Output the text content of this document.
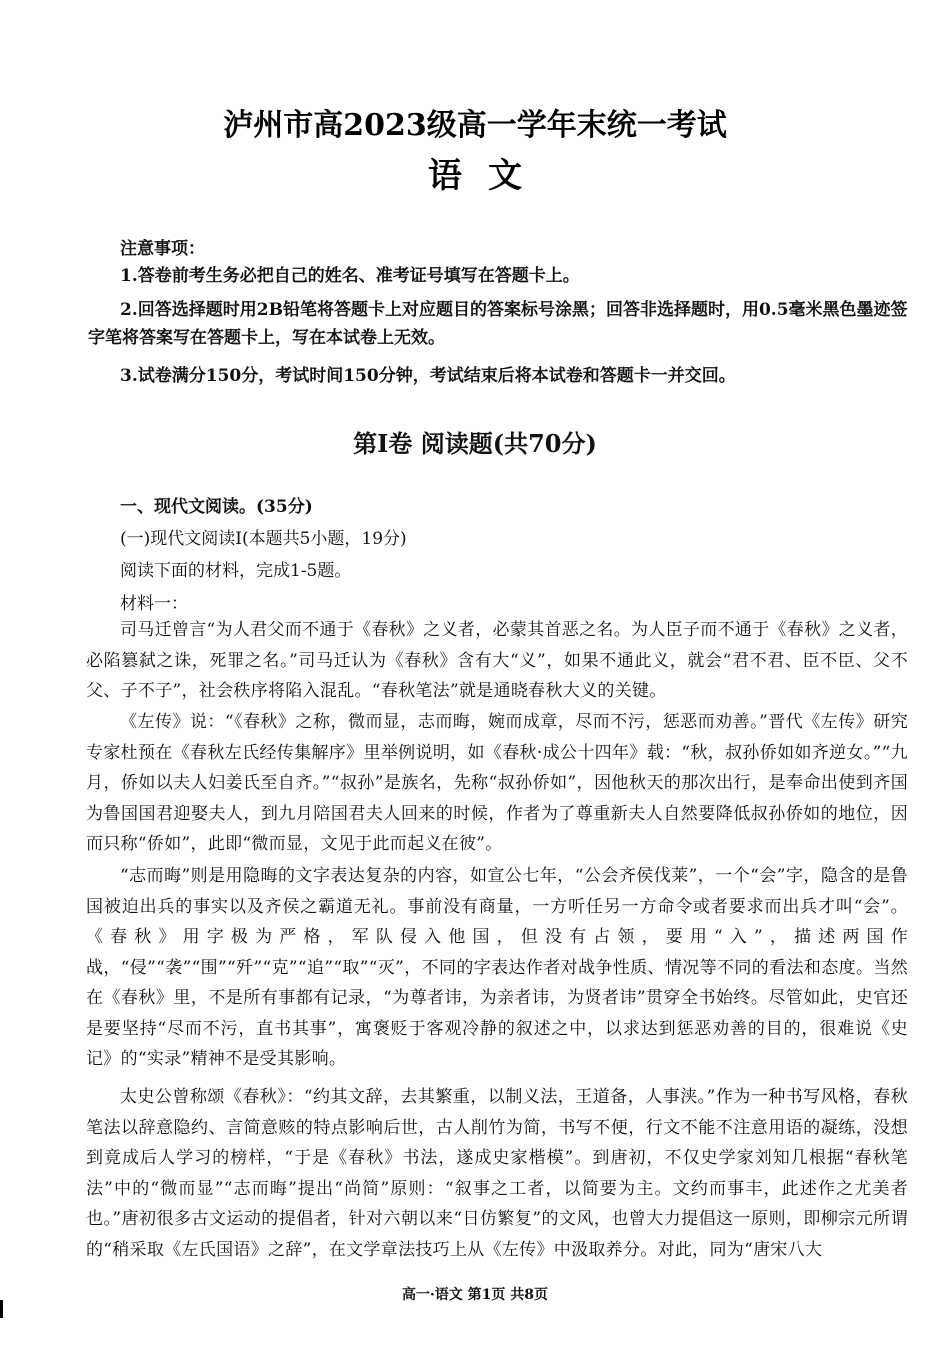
泸州市高2023级高一学年末统一考试
语文
注意事项：
1.答卷前考生务必把自己的姓名、准考证号填写在答题卡上。
2.回答选择题时用2B铅笔将答题卡上对应题目的答案标号涂黑；回答非选择题时，用0.5毫米黑色墨迹签字笔将答案写在答题卡上，写在本试卷上无效。
3.试卷满分150分，考试时间150分钟，考试结束后将本试卷和答题卡一并交回。
第Ⅰ卷 阅读题(共70分)
一、现代文阅读。(35分)
(一)现代文阅读Ⅰ(本题共5小题，19分)
阅读下面的材料，完成1-5题。
材料一：
司马迁曾言“为人君父而不通于《春秋》之义者，必蒙其首恶之名。为人臣子而不通于《春秋》之义者，必陷篡弑之诛，死罪之名。”司马迁认为《春秋》含有大“义”，如果不通此义，就会“君不君、臣不臣、父不父、子不子”，社会秩序将陷入混乱。“春秋笔法”就是通晓春秋大义的关键。
《左传》说：“《春秋》之称，微而显，志而晦，婉而成章，尽而不污，惩恶而劝善。”晋代《左传》研究专家杜预在《春秋左氏经传集解序》里举例说明，如《春秋·成公十四年》载：“秋，叔孙侨如如齐逆女。”“九月，侨如以夫人妇姜氏至自齐。”“叔孙”是族名，先称“叔孙侨如”，因他秋天的那次出行，是奉命出使到齐国为鲁国国君迎娶夫人，到九月陪国君夫人回来的时候，作者为了尊重新夫人自然要降低叔孙侨如的地位，因而只称“侨如”，此即“微而显，文见于此而起义在彼”。
“志而晦”则是用隐晦的文字表达复杂的内容，如宣公七年，“公会齐侯伐莱”，一个“会”字，隐含的是鲁国被迫出兵的事实以及齐侯之霸道无礼。事前没有商量，一方听任另一方命令或者要求而出兵才叫“会”。《春秋》用字极为严格，军队侵入他国，但没有占领，要用“入”，描述两国作战，“侵”“袭”“围”“歼”“克”“追”“取”“灭”，不同的字表达作者对战争性质、情况等不同的看法和态度。当然在《春秋》里，不是所有事都有记录，“为尊者讳，为亲者讳，为贤者讳”贯穿全书始终。尽管如此，史官还是要坚持“尽而不污，直书其事”，寓褒贬于客观冷静的叙述之中，以求达到惩恶劝善的目的，很难说《史记》的“实录”精神不是受其影响。
太史公曾称颂《春秋》：“约其文辞，去其繁重，以制义法，王道备，人事浃。”作为一种书写风格，春秋笔法以辞意隐约、言简意赅的特点影响后世，古人削竹为简，书写不便，行文不能不注意用语的凝练，没想到竟成后人学习的榜样，“于是《春秋》书法，遂成史家楷模”。到唐初，不仅史学家刘知几根据“春秋笔法”中的“微而显”“志而晦”提出“尚简”原则：“叙事之工者，以简要为主。文约而事丰，此述作之尤美者也。”唐初很多古文运动的提倡者，针对六朝以来“日仿繁复”的文风，也曾大力提倡这一原则，即柳宗元所谓的“稍采取《左氏国语》之辞”，在文学章法技巧上从《左传》中汲取养分。对此，同为“唐宋八大
高一·语文 第1页 共8页
